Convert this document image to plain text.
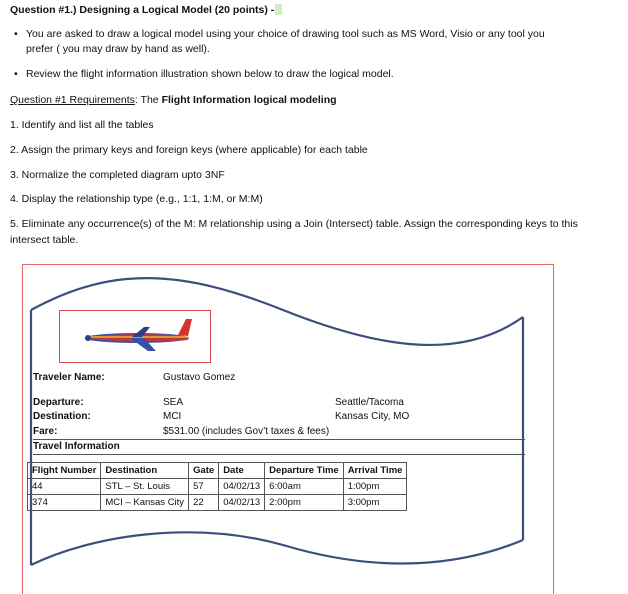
Question #1.) Designing a Logical Model (20 points) -
• You are asked to draw a logical model using your choice of drawing tool such as MS Word, Visio or any tool you prefer ( you may draw by hand as well).
• Review the flight information illustration shown below to draw the logical model.
Question #1 Requirements: The Flight Information logical modeling
1. Identify and list all the tables
2. Assign the primary keys and foreign keys (where applicable) for each table
3. Normalize the completed diagram upto 3NF
4. Display the relationship type (e.g., 1:1, 1:M, or M:M)
5. Eliminate any occurrence(s) of the M: M relationship using a Join (Intersect) table. Assign the corresponding keys to this intersect table.
Traveler Name:	Gustavo Gomez
Departure:	SEA	Seattle/Tacoma
Destination:	MCI	Kansas City, MO
Fare:	$531.00 (includes Gov’t taxes & fees)
Travel Information
Flight Number	Destination	Gate	Date	Departure Time	Arrival Time
44	STL – St. Louis	57	04/02/13	6:00am	1:00pm
374	MCI – Kansas City	22	04/02/13	2:00pm	3:00pm
